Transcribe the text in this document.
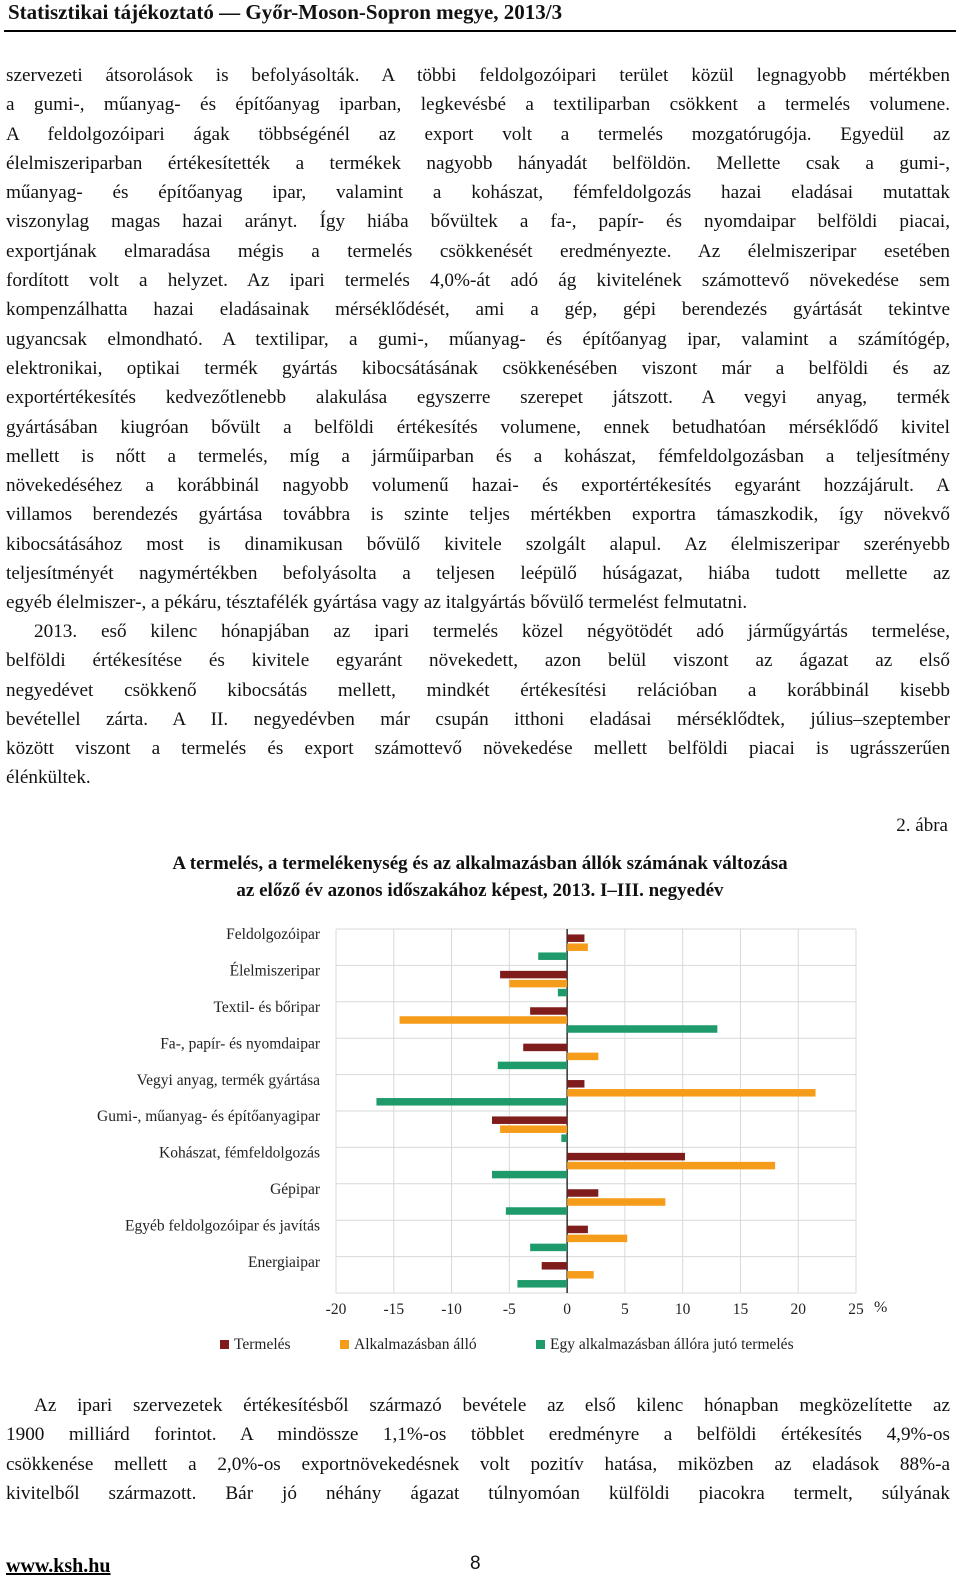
Statisztikai tájékoztató — Győr-Moson-Sopron megye, 2013/3
szervezeti átsorolások is befolyásolták. A többi feldolgozóipari terület közül legnagyobb mértékben
a gumi-, műanyag- és építőanyag iparban, legkevésbé a textiliparban csökkent a termelés volumene.
A feldolgozóipari ágak többségénél az export volt a termelés mozgatórugója. Egyedül az
élelmiszeriparban értékesítették a termékek nagyobb hányadát belföldön. Mellette csak a gumi-,
műanyag- és építőanyag ipar, valamint a kohászat, fémfeldolgozás hazai eladásai mutattak
viszonylag magas hazai arányt. Így hiába bővültek a fa-, papír- és nyomdaipar belföldi piacai,
exportjának elmaradása mégis a termelés csökkenését eredményezte. Az élelmiszeripar esetében
fordított volt a helyzet. Az ipari termelés 4,0%-át adó ág kivitelének számottevő növekedése sem
kompenzálhatta hazai eladásainak mérséklődését, ami a gép, gépi berendezés gyártását tekintve
ugyancsak elmondható. A textilipar, a gumi-, műanyag- és építőanyag ipar, valamint a számítógép,
elektronikai, optikai termék gyártás kibocsátásának csökkenésében viszont már a belföldi és az
exportértékesítés kedvezőtlenebb alakulása egyszerre szerepet játszott. A vegyi anyag, termék
gyártásában kiugróan bővült a belföldi értékesítés volumene, ennek betudhatóan mérséklődő kivitel
mellett is nőtt a termelés, míg a járműiparban és a kohászat, fémfeldolgozásban a teljesítmény
növekedéséhez a korábbinál nagyobb volumenű hazai- és exportértékesítés egyaránt hozzájárult. A
villamos berendezés gyártása továbbra is szinte teljes mértékben exportra támaszkodik, így növekvő
kibocsátásához most is dinamikusan bővülő kivitele szolgált alapul. Az élelmiszeripar szerényebb
teljesítményét nagymértékben befolyásolta a teljesen leépülő húságazat, hiába tudott mellette az
egyéb élelmiszer-, a pékáru, tésztafélék gyártása vagy az italgyártás bővülő termelést felmutatni.
2013. eső kilenc hónapjában az ipari termelés közel négyötödét adó járműgyártás termelése,
belföldi értékesítése és kivitele egyaránt növekedett, azon belül viszont az ágazat az első
negyedévet csökkenő kibocsátás mellett, mindkét értékesítési relációban a korábbinál kisebb
bevétellel zárta. A II. negyedévben már csupán itthoni eladásai mérséklődtek, július–szeptember
között viszont a termelés és export számottevő növekedése mellett belföldi piacai is ugrásszerűen
élénkültek.
2. ábra
A termelés, a termelékenység és az alkalmazásban állók számának változása
az előző év azonos időszakához képest, 2013. I–III. negyedév
Feldolgozóipar
Élelmiszeripar
Textil- és bőripar
Fa-, papír- és nyomdaipar
Vegyi anyag, termék gyártása
Gumi-, műanyag- és építőanyagipar
Kohászat, fémfeldolgozás
Gépipar
Egyéb feldolgozóipar és javítás
Energiaipar
-20 -15 -10	-5	0	5	10	15	20	25 %
Termelés	Alkalmazásban álló	Egy alkalmazásban állóra jutó termelés
Az ipari szervezetek értékesítésből származó bevétele az első kilenc hónapban megközelítette az
1900 milliárd forintot. A mindössze 1,1%-os többlet eredményre a belföldi értékesítés 4,9%-os
csökkenése mellett a 2,0%-os exportnövekedésnek volt pozitív hatása, miközben az eladások 88%-a
kivitelből származott. Bár jó néhány ágazat túlnyomóan külföldi piacokra termelt, súlyának
www.ksh.hu	8
